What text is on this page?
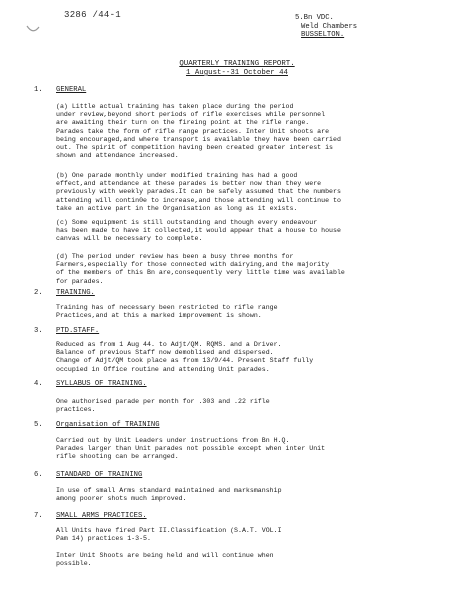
3286 /44-1	5.Bn VDC.
Weld Chambers
BUSSELTON.
QUARTERLY TRAINING REPORT.
1 August--31 October 44
1. GENERAL
(a) Little actual training has taken place during the period
under review,beyond short periods of rifle exercises while personnel
are awaiting their turn on the fireing point at the rifle range.
Parades take the form of rifle range practices. Inter Unit shoots are
being encouraged,and where transport is available they have been carried
out. The spirit of competition having been created greater interest is
shown and attendance increased.
(b) One parade monthly under modified training has had a good
effect,and attendance at these parades is better now than they were
previously with weekly parades.It can be safely assumed that the numbers
attending will contin0e to increase,and those attending will continue to
take an active part in the Organisation as long as it exists.
(c) Some equipment is still outstanding and though every endeavour
has been made to have it collected,it would appear that a house to house
canvas will be necessary to complete.
(d) The period under review has been a busy three months for
Farmers,especially for those connected with dairying,and the majority
of the members of this Bn are,consequently very little time was available
for parades.
2. TRAINING.
Training has of necessary been restricted to rifle range
Practices,and at this a marked improvement is shown.
3. PTD.STAFF.
Reduced as from 1 Aug 44. to Adjt/QM. RQMS. and a Driver.
Balance of previous Staff now demoblised and dispersed.
Change of Adjt/QM took place as from 13/9/44. Present Staff fully
occupied in Office routine and attending Unit parades.
4. SYLLABUS OF TRAINING.
One authorised parade per month for .303 and .22 rifle
practices.
5. Organisation of TRAINING
Carried out by Unit Leaders under instructions from Bn H.Q.
Parades larger than Unit parades not possible except when inter Unit
rifle shooting can be arranged.
6. STANDARD OF TRAINING
In use of small Arms standard maintained and marksmanship
among poorer shots much improved.
7. SMALL ARMS PRACTICES.
All Units have fired Part II.Classification (S.A.T. VOL.I
Pam 14) practices 1-3-5.
Inter Unit Shoots are being held and will continue when
possible.
